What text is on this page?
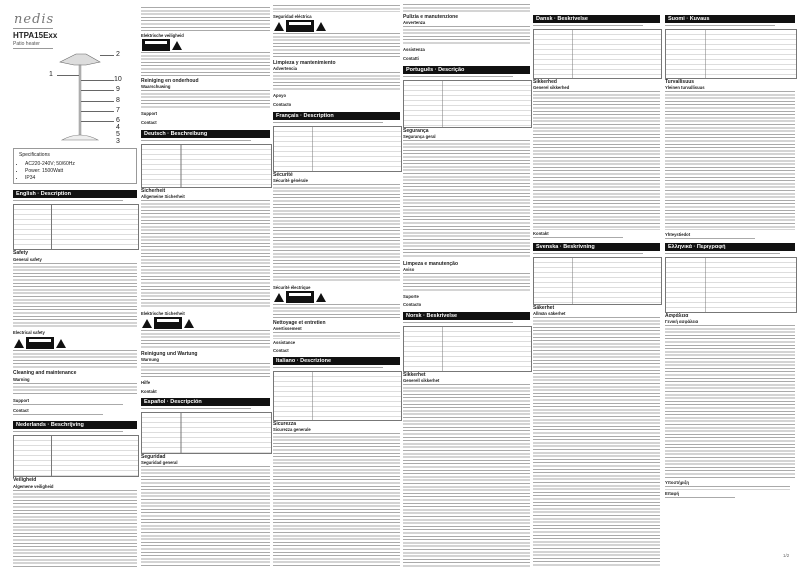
nedis
HTPA15Exx
Patio heater
2
1
10
9
8
7
6
4
5
3
Specifications
• AC220-240V; 50/60Hz
• Power: 1500Watt
• IP34
English · Description
Safety
General safety
Electrical safety
Cleaning and maintenance
Warning
Support
Contact
Nederlands · Beschrijving
Veiligheid
Algemene veiligheid
Elektrische veiligheid
Reiniging en onderhoud
Waarschuwing
Support
Contact
Deutsch · Beschreibung
Sicherheit
Allgemeine Sicherheit
Elektrische Sicherheit
Reinigung und Wartung
Warnung
Hilfe
Kontakt
Español · Descripción
Seguridad
Seguridad general
Seguridad eléctrica
Limpieza y mantenimiento
Advertencia
Apoyo
Contacto
Français · Description
Sécurité
Sécurité générale
Sécurité électrique
Nettoyage et entretien
Avertissement
Assistance
Contact
Italiano · Descrizione
Sicurezza
Sicurezza generale
Pulizia e manutenzione
Avvertenza
Assistenza
Contatti
Português · Descrição
Segurança
Segurança geral
Limpeza e manutenção
Aviso
Suporte
Contacto
Norsk · Beskrivelse
Sikkerhet
Generell sikkerhet
Dansk · Beskrivelse
Sikkerhed
Generel sikkerhed
Kontakt
Svenska · Beskrivning
Säkerhet
Allmän säkerhet
Suomi · Kuvaus
Turvallisuus
Yleinen turvallisuus
Yhteystiedot
Ελληνικά · Περιγραφή
Ασφάλεια
Γενική ασφάλεια
Υποστήριξη
Επαφή
1/2
